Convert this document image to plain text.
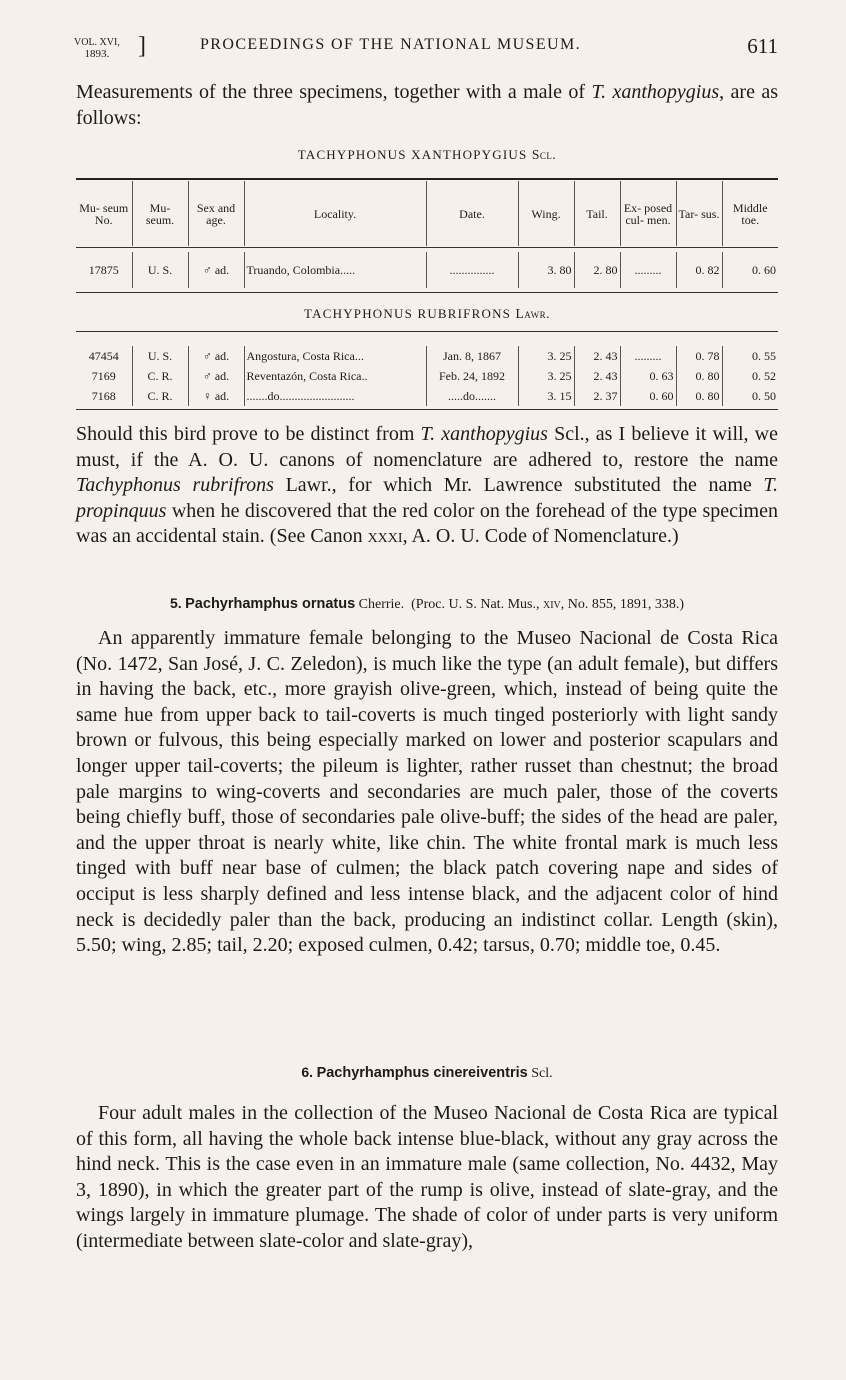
VOL. XVI,
1893.	]	PROCEEDINGS OF THE NATIONAL MUSEUM.	611

Measurements of the three specimens, together with a male of T. xanthopygius, are as follows:

TACHYPHONUS XANTHOPYGIUS Scl.
Mu- seum No.	Mu- seum.	Sex and age.	Locality.	Date.	Wing.	Tail.	Ex- posed cul- men.	Tar- sus.	Middle toe.
17875	U. S.	♂ ad.	Truando, Colombia.....	...............	3. 80	2. 80	.........	0. 82	0. 60
TACHYPHONUS RUBRIFRONS Lawr.
47454	U. S.	♂ ad.	Angostura, Costa Rica...	Jan. 8, 1867	3. 25	2. 43	.........	0. 78	0. 55
7169	C. R.	♂ ad.	Reventazón, Costa Rica..	Feb. 24, 1892	3. 25	2. 43	0. 63	0. 80	0. 52
7168	C. R.	♀ ad.	.......do.........................	.....do.......	3. 15	2. 37	0. 60	0. 80	0. 50

Should this bird prove to be distinct from T. xanthopygius Scl., as I believe it will, we must, if the A. O. U. canons of nomenclature are adhered to, restore the name Tachyphonus rubrifrons Lawr., for which Mr. Lawrence substituted the name T. propinquus when he discovered that the red color on the forehead of the type specimen was an accidental stain. (See Canon xxxi, A. O. U. Code of Nomenclature.)

5. Pachyrhamphus ornatus Cherrie. (Proc. U. S. Nat. Mus., xiv, No. 855, 1891, 338.)

An apparently immature female belonging to the Museo Nacional de Costa Rica (No. 1472, San José, J. C. Zeledon), is much like the type (an adult female), but differs in having the back, etc., more grayish olive-green, which, instead of being quite the same hue from upper back to tail-coverts is much tinged posteriorly with light sandy brown or fulvous, this being especially marked on lower and posterior scapulars and longer upper tail-coverts; the pileum is lighter, rather russet than chestnut; the broad pale margins to wing-coverts and secondaries are much paler, those of the coverts being chiefly buff, those of secondaries pale olive-buff; the sides of the head are paler, and the upper throat is nearly white, like chin. The white frontal mark is much less tinged with buff near base of culmen; the black patch covering nape and sides of occiput is less sharply defined and less intense black, and the adjacent color of hind neck is decidedly paler than the back, producing an indistinct collar. Length (skin), 5.50; wing, 2.85; tail, 2.20; exposed culmen, 0.42; tarsus, 0.70; middle toe, 0.45.

6. Pachyrhamphus cinereiventris Scl.

Four adult males in the collection of the Museo Nacional de Costa Rica are typical of this form, all having the whole back intense blue-black, without any gray across the hind neck. This is the case even in an immature male (same collection, No. 4432, May 3, 1890), in which the greater part of the rump is olive, instead of slate-gray, and the wings largely in immature plumage. The shade of color of under parts is very uniform (intermediate between slate-color and slate-gray),
